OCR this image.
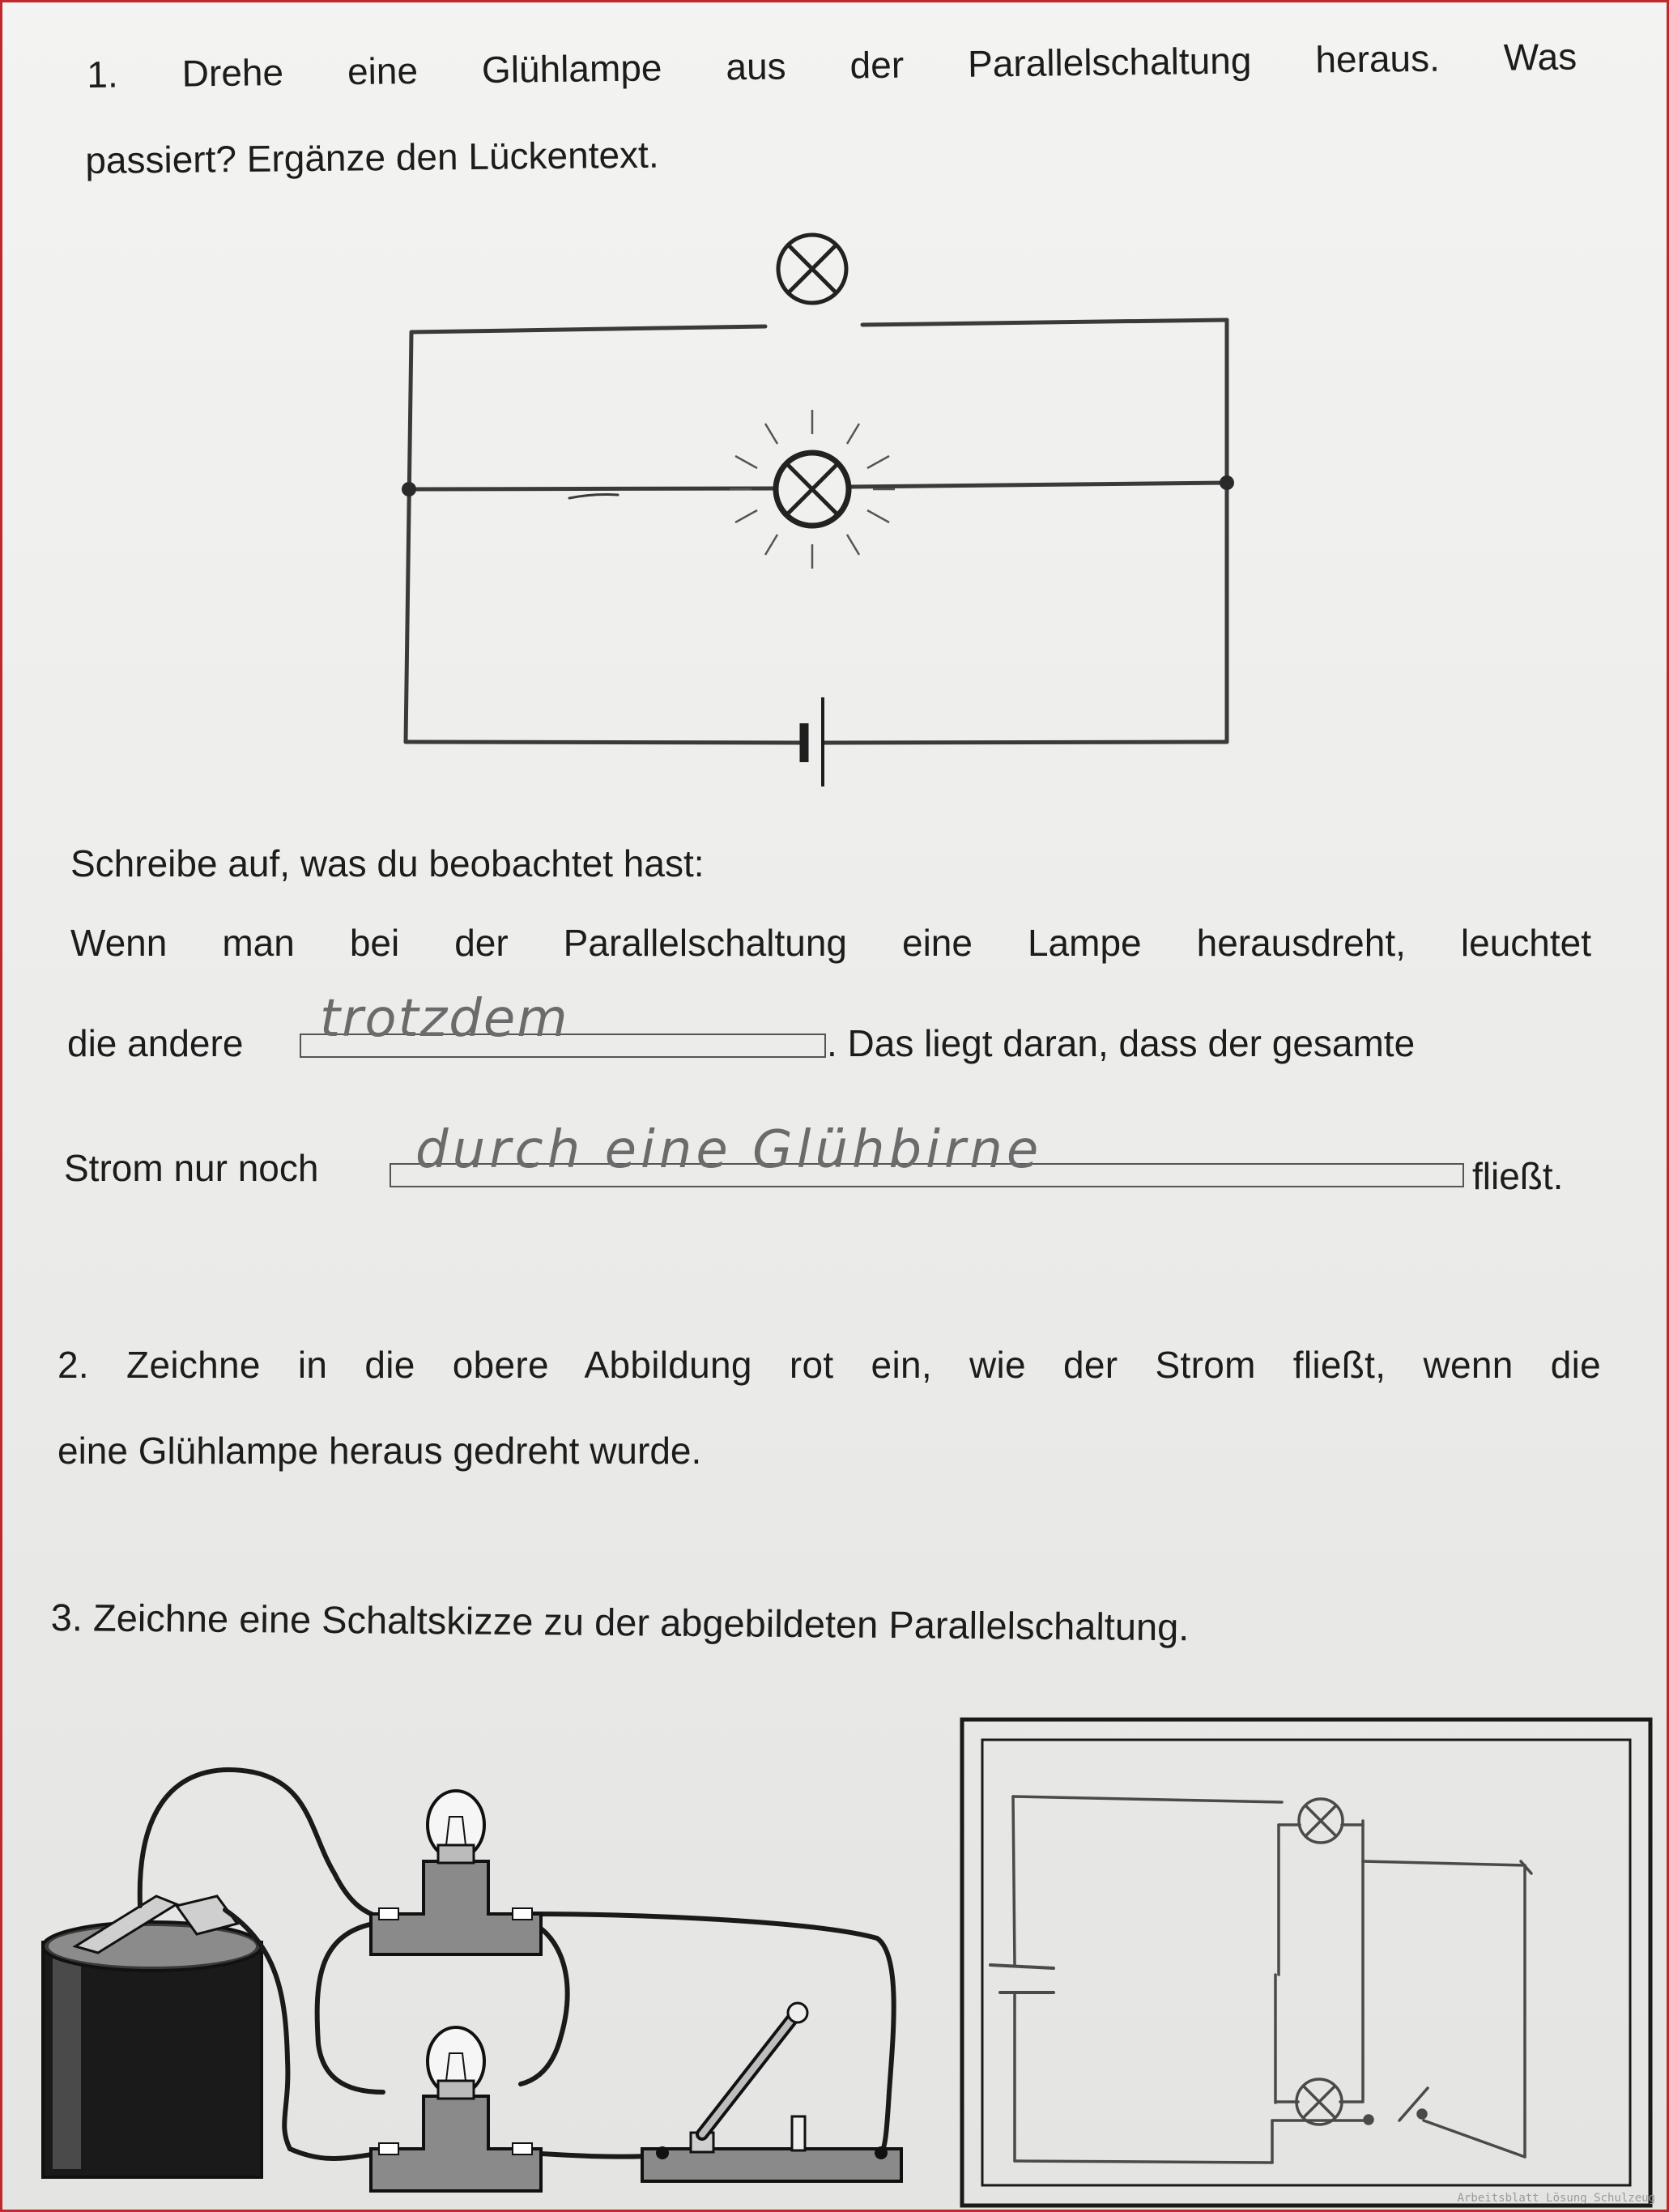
1. Drehe eine Glühlampe aus der Parallelschaltung heraus. Was
passiert? Ergänze den Lückentext.
Schreibe auf, was du beobachtet hast:
Wenn man bei der Parallelschaltung eine Lampe herausdreht, leuchtet
die andere trotzdem	. Das liegt daran, dass der gesamte
Strom nur noch durch eine Glühbirne	fließt.
2. Zeichne in die obere Abbildung rot ein, wie der Strom fließt, wenn die
eine Glühlampe heraus gedreht wurde.
3. Zeichne eine Schaltskizze zu der abgebildeten Parallelschaltung.
Arbeitsblatt Lösung Schulzeug
